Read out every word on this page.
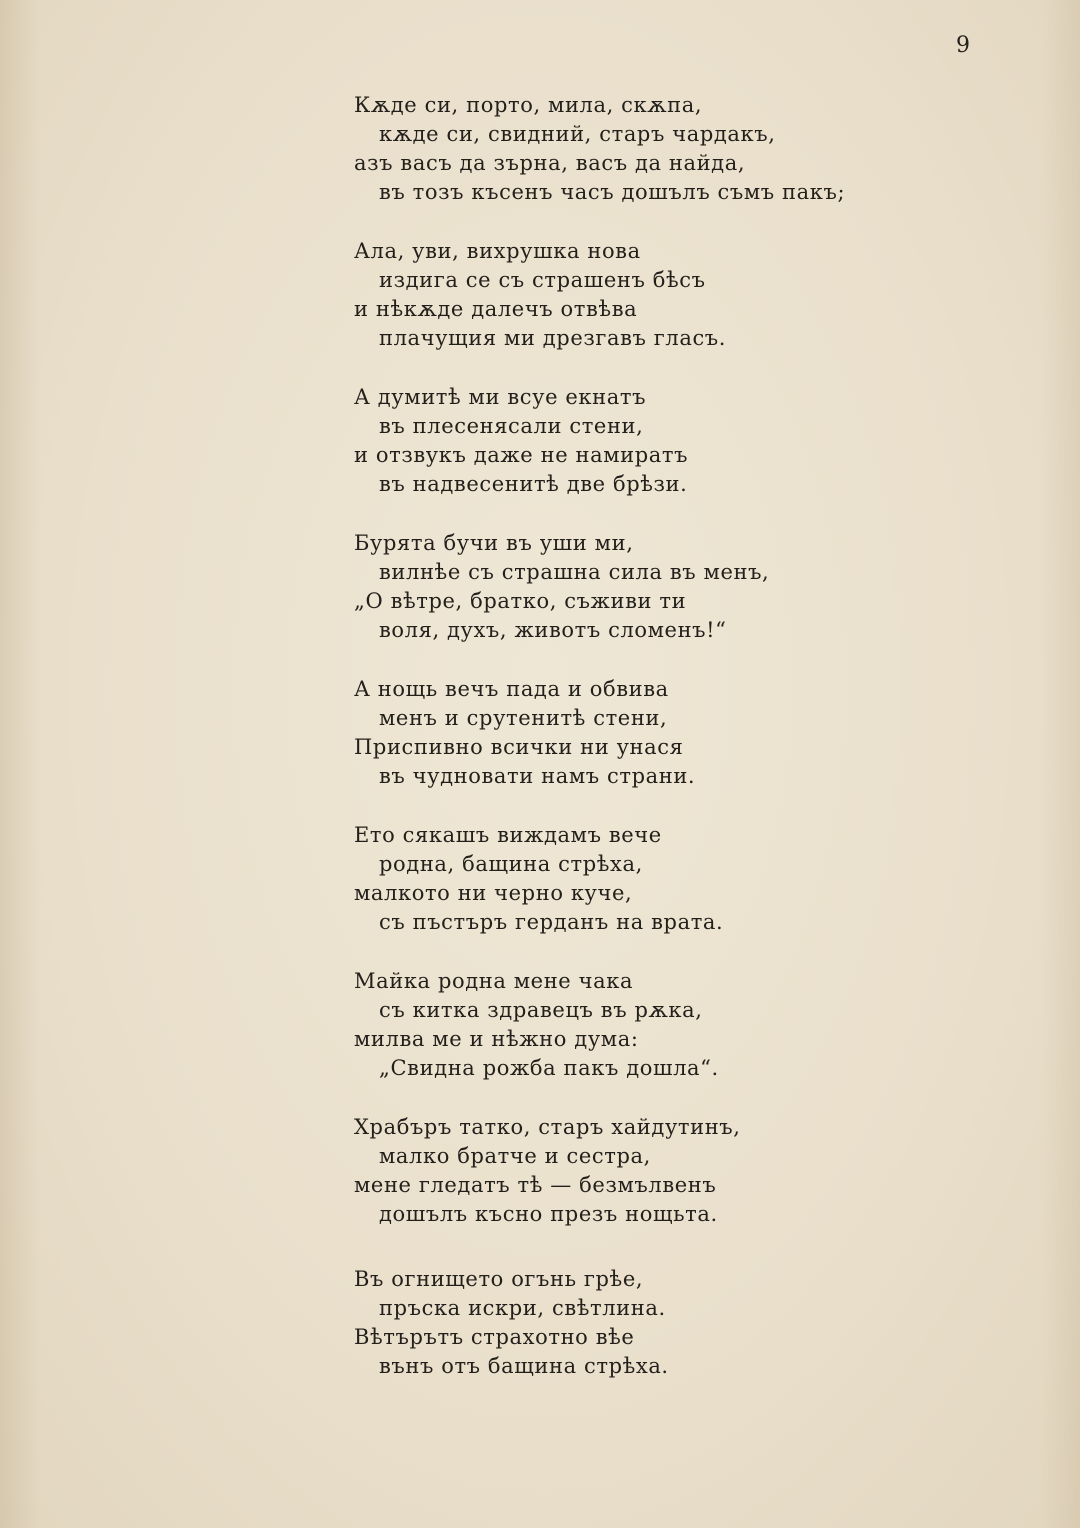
9
Кѫде си, порто, мила, скѫпа,
кѫде си, свидний, старъ чардакъ,
азъ васъ да зърна, васъ да найда,
въ тозъ късенъ часъ дошълъ съмъ пакъ;
Ала, уви, вихрушка нова
издига се съ страшенъ бѣсъ
и нѣкѫде далечъ отвѣва
плачущия ми дрезгавъ гласъ.
А думитѣ ми всуе екнатъ
въ плесенясали стени,
и отзвукъ даже не намиратъ
въ надвесенитѣ две брѣзи.
Бурята бучи въ уши ми,
вилнѣе съ страшна сила въ менъ,
„О вѣтре, братко, съживи ти
воля, духъ, животъ сломенъ!“
А нощь вечъ пада и обвива
менъ и срутенитѣ стени,
Приспивно всички ни унася
въ чудновати намъ страни.
Ето сякашъ виждамъ вече
родна, бащина стрѣха,
малкото ни черно куче,
съ пъстъръ герданъ на врата.
Майка родна мене чака
съ китка здравецъ въ рѫка,
милва ме и нѣжно дума:
„Свидна рожба пакъ дошла“.
Храбъръ татко, старъ хайдутинъ,
малко братче и сестра,
мене гледатъ тѣ — безмълвенъ
дошълъ късно презъ нощьта.
Въ огнището огънь грѣе,
пръска искри, свѣтлина.
Вѣтърътъ страхотно вѣе
вънъ отъ бащина стрѣха.
